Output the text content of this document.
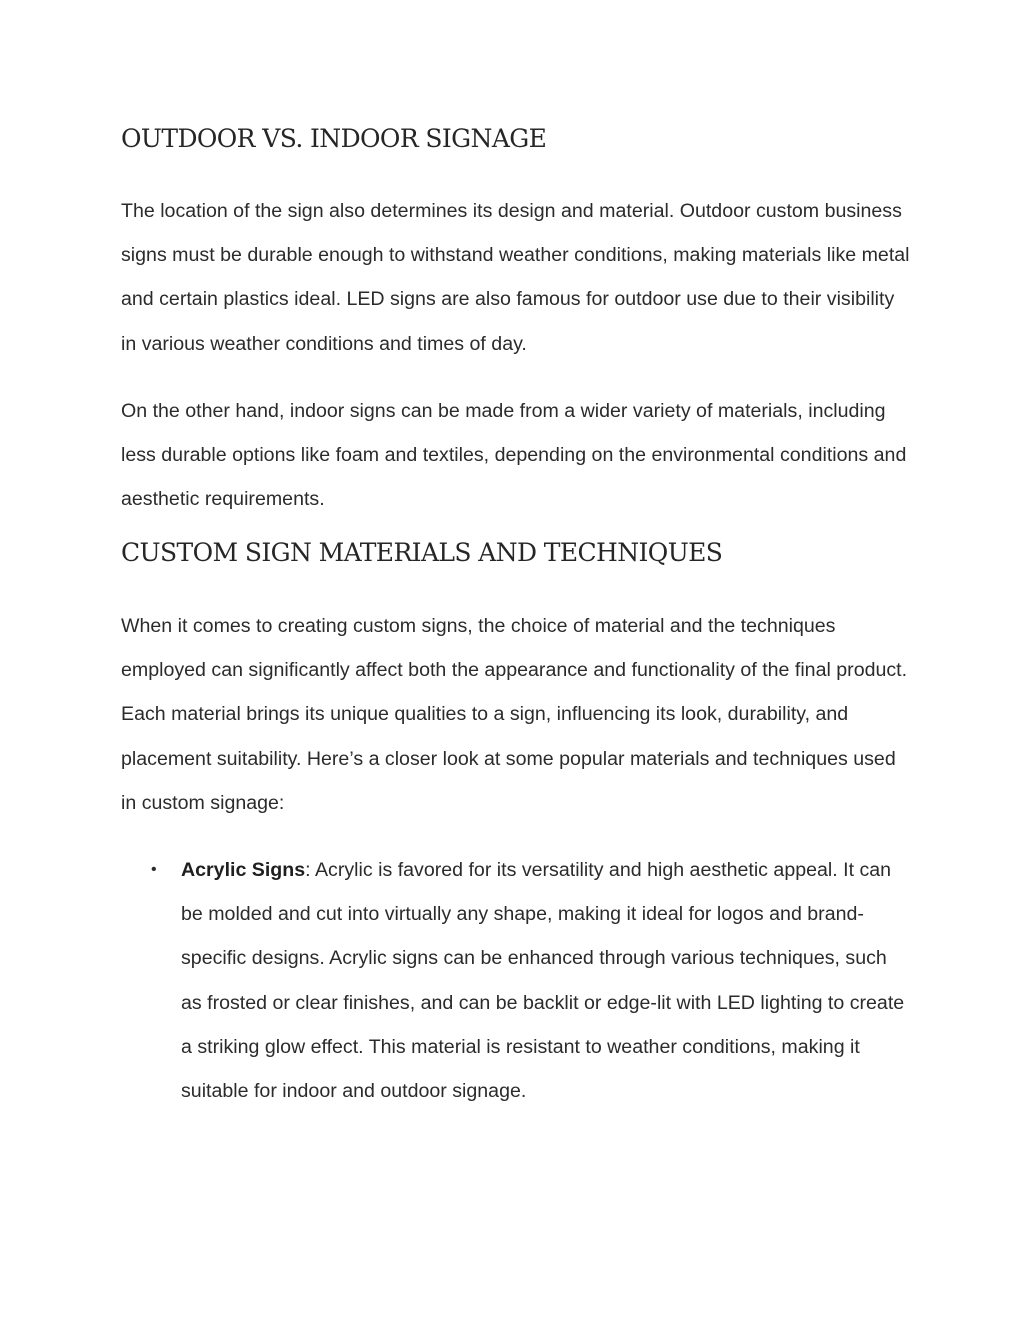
OUTDOOR VS. INDOOR SIGNAGE

The location of the sign also determines its design and material. Outdoor custom business signs must be durable enough to withstand weather conditions, making materials like metal and certain plastics ideal. LED signs are also famous for outdoor use due to their visibility in various weather conditions and times of day.

On the other hand, indoor signs can be made from a wider variety of materials, including less durable options like foam and textiles, depending on the environmental conditions and aesthetic requirements.

CUSTOM SIGN MATERIALS AND TECHNIQUES

When it comes to creating custom signs, the choice of material and the techniques employed can significantly affect both the appearance and functionality of the final product. Each material brings its unique qualities to a sign, influencing its look, durability, and placement suitability. Here’s a closer look at some popular materials and techniques used in custom signage:

• Acrylic Signs: Acrylic is favored for its versatility and high aesthetic appeal. It can be molded and cut into virtually any shape, making it ideal for logos and brand-specific designs. Acrylic signs can be enhanced through various techniques, such as frosted or clear finishes, and can be backlit or edge-lit with LED lighting to create a striking glow effect. This material is resistant to weather conditions, making it suitable for indoor and outdoor signage.
